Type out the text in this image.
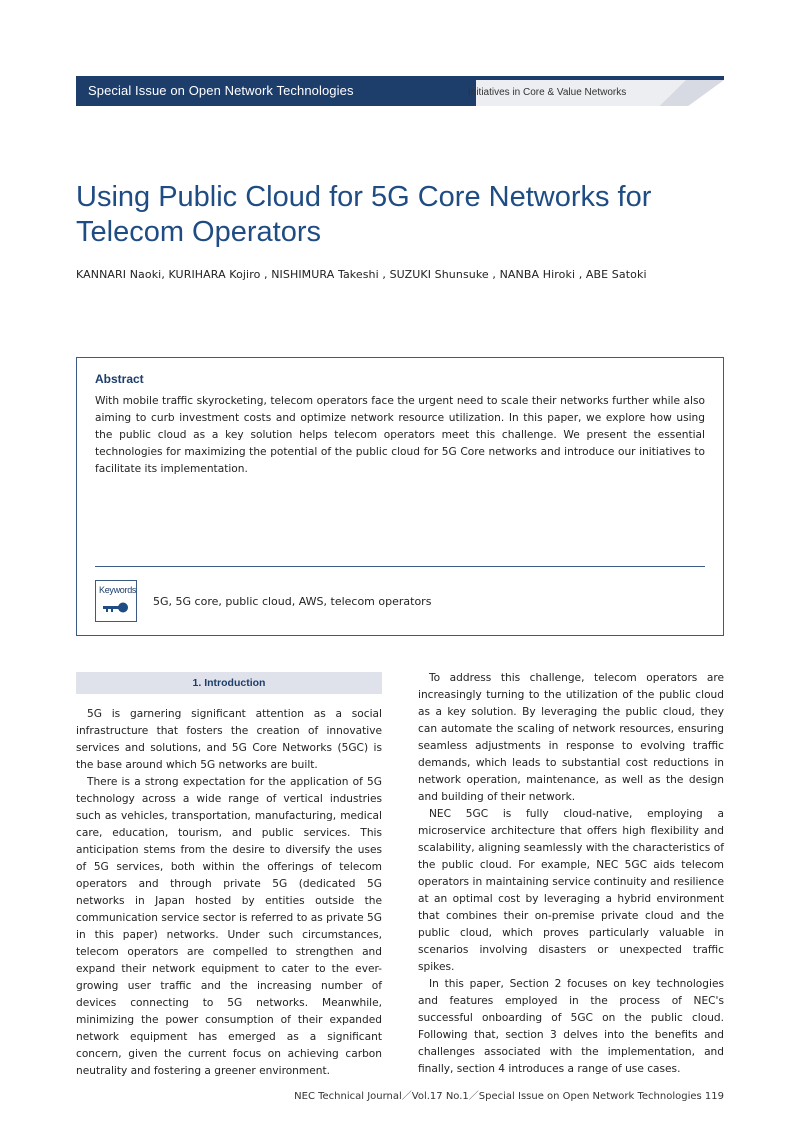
Special Issue on Open Network Technologies	Initiatives in Core & Value Networks
Using Public Cloud for 5G Core Networks for Telecom Operators
KANNARI Naoki, KURIHARA Kojiro , NISHIMURA Takeshi , SUZUKI Shunsuke , NANBA Hiroki , ABE Satoki
Abstract
With mobile traffic skyrocketing, telecom operators face the urgent need to scale their networks further while also aiming to curb investment costs and optimize network resource utilization. In this paper, we explore how using the public cloud as a key solution helps telecom operators meet this challenge. We present the essential technologies for maximizing the potential of the public cloud for 5G Core networks and introduce our initiatives to facilitate its implementation.
Keywords
5G, 5G core, public cloud, AWS, telecom operators
1. Introduction

5G is garnering significant attention as a social infrastructure that fosters the creation of innovative services and solutions, and 5G Core Networks (5GC) is the base around which 5G networks are built.

There is a strong expectation for the application of 5G technology across a wide range of vertical industries such as vehicles, transportation, manufacturing, medical care, education, tourism, and public services. This anticipation stems from the desire to diversify the uses of 5G services, both within the offerings of telecom operators and through private 5G (dedicated 5G networks in Japan hosted by entities outside the communication service sector is referred to as private 5G in this paper) networks. Under such circumstances, telecom operators are compelled to strengthen and expand their network equipment to cater to the ever-growing user traffic and the increasing number of devices connecting to 5G networks. Meanwhile, minimizing the power consumption of their expanded network equipment has emerged as a significant concern, given the current focus on achieving carbon neutrality and fostering a greener environment.

To address this challenge, telecom operators are increasingly turning to the utilization of the public cloud as a key solution. By leveraging the public cloud, they can automate the scaling of network resources, ensuring seamless adjustments in response to evolving traffic demands, which leads to substantial cost reductions in network operation, maintenance, as well as the design and building of their network.

NEC 5GC is fully cloud-native, employing a microservice architecture that offers high flexibility and scalability, aligning seamlessly with the characteristics of the public cloud. For example, NEC 5GC aids telecom operators in maintaining service continuity and resilience at an optimal cost by leveraging a hybrid environment that combines their on-premise private cloud and the public cloud, which proves particularly valuable in scenarios involving disasters or unexpected traffic spikes.

In this paper, Section 2 focuses on key technologies and features employed in the process of NEC's successful onboarding of 5GC on the public cloud. Following that, section 3 delves into the benefits and challenges associated with the implementation, and finally, section 4 introduces a range of use cases.

NEC Technical Journal／Vol.17 No.1／Special Issue on Open Network Technologies 119
